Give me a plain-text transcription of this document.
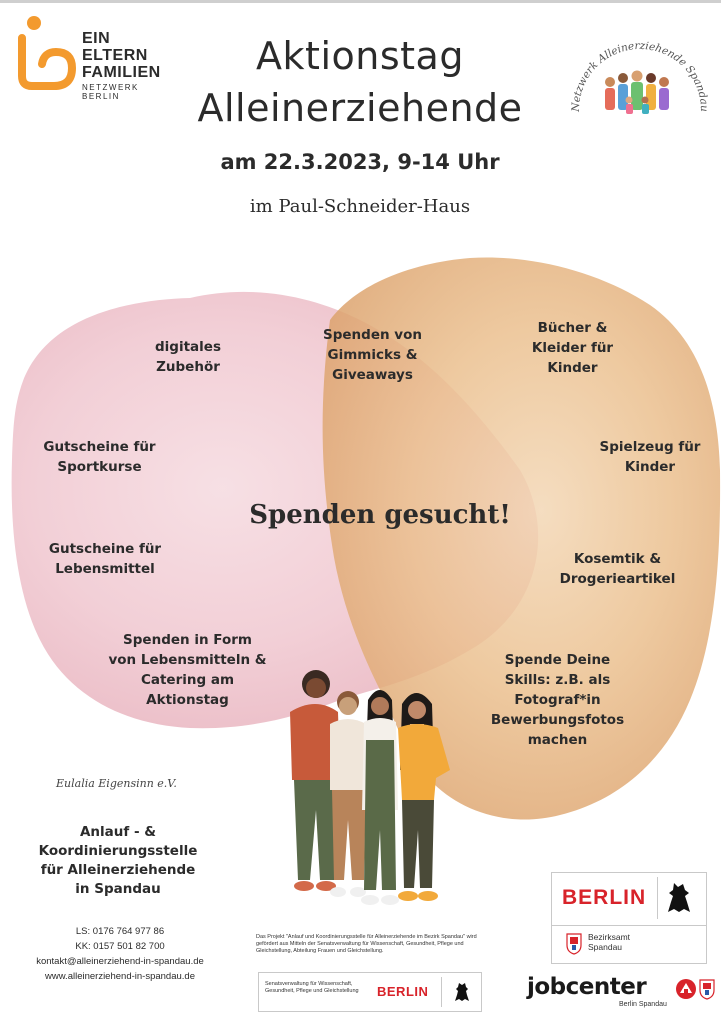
EIN
ELTERN
FAMILIEN
NETZWERK BERLIN
Netzwerk Alleinerziehende Spandau
Aktionstag
Alleinerziehende
am 22.3.2023, 9-14 Uhr
im Paul-Schneider-Haus
digitales
Zubehör
Spenden von
Gimmicks &
Giveaways
Bücher &
Kleider für
Kinder
Gutscheine für
Sportkurse
Spielzeug für
Kinder
Spenden gesucht!
Gutscheine für
Lebensmittel
Kosemtik &
Drogerieartikel
Spenden in Form
von Lebensmitteln &
Catering am
Aktionstag
Spende Deine
Skills: z.B. als
Fotograf*in
Bewerbungsfotos
machen
Eulalia Eigensinn e.V.
Anlauf - &
Koordinierungsstelle
für Alleinerziehende
in Spandau
LS: 0176 764 977 86
KK: 0157 501 82 700
kontakt@alleinerziehend-in-spandau.de
www.alleinerziehend-in-spandau.de
Das Projekt "Anlauf und Koordinierungsstelle für Alleinerziehende im Bezirk Spandau" wird gefördert aus Mitteln der Senatsverwaltung für Wissenschaft, Gesundheit, Pflege und Gleichstellung, Abteilung Frauen und Gleichstellung.
Senatsverwaltung für Wissenschaft, Gesundheit, Pflege und Gleichstellung	BERLIN
BERLIN
Bezirksamt
Spandau
jobcenter
Berlin Spandau
